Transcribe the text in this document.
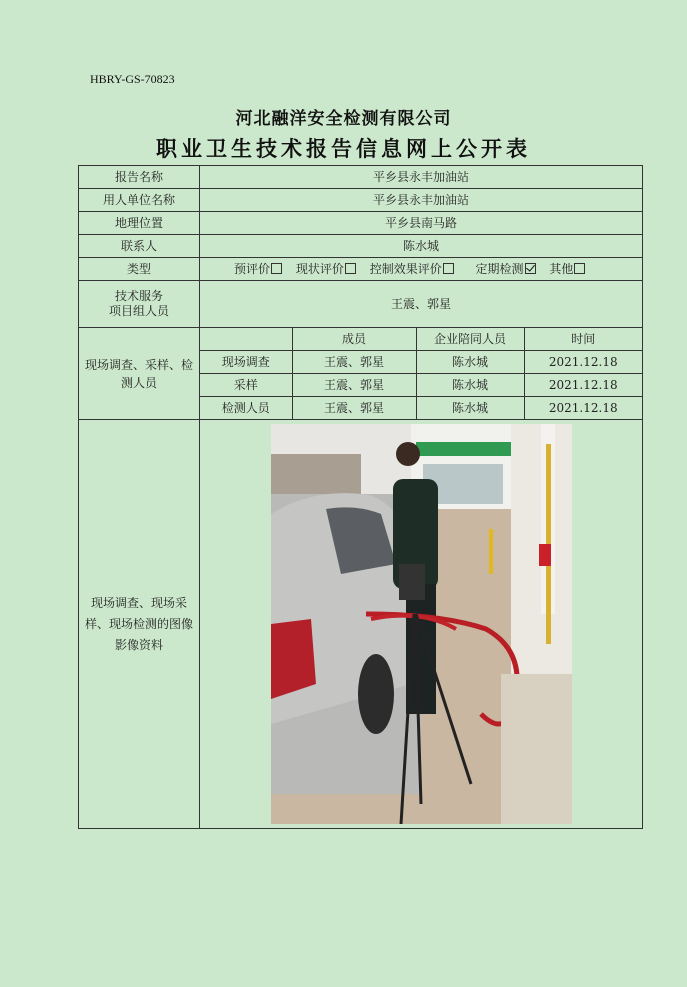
HBRY-GS-70823
河北融洋安全检测有限公司
职业卫生技术报告信息网上公开表
报告名称	平乡县永丰加油站
用人单位名称	平乡县永丰加油站
地理位置	平乡县南马路
联系人	陈水城
类型	预评价 现状评价 控制效果评价	定期检测 其他

技术服务
项目组人员
	王震、郭星
现场调查、采样、检测人员	
	成员	企业陪同人员	时间
现场调查	王震、郭星	陈水城	2021.12.18
采样	王震、郭星	陈水城	2021.12.18
检测人员	王震、郭星	陈水城	2021.12.18

现场调查、现场采样、现场检测的图像影像资料	
